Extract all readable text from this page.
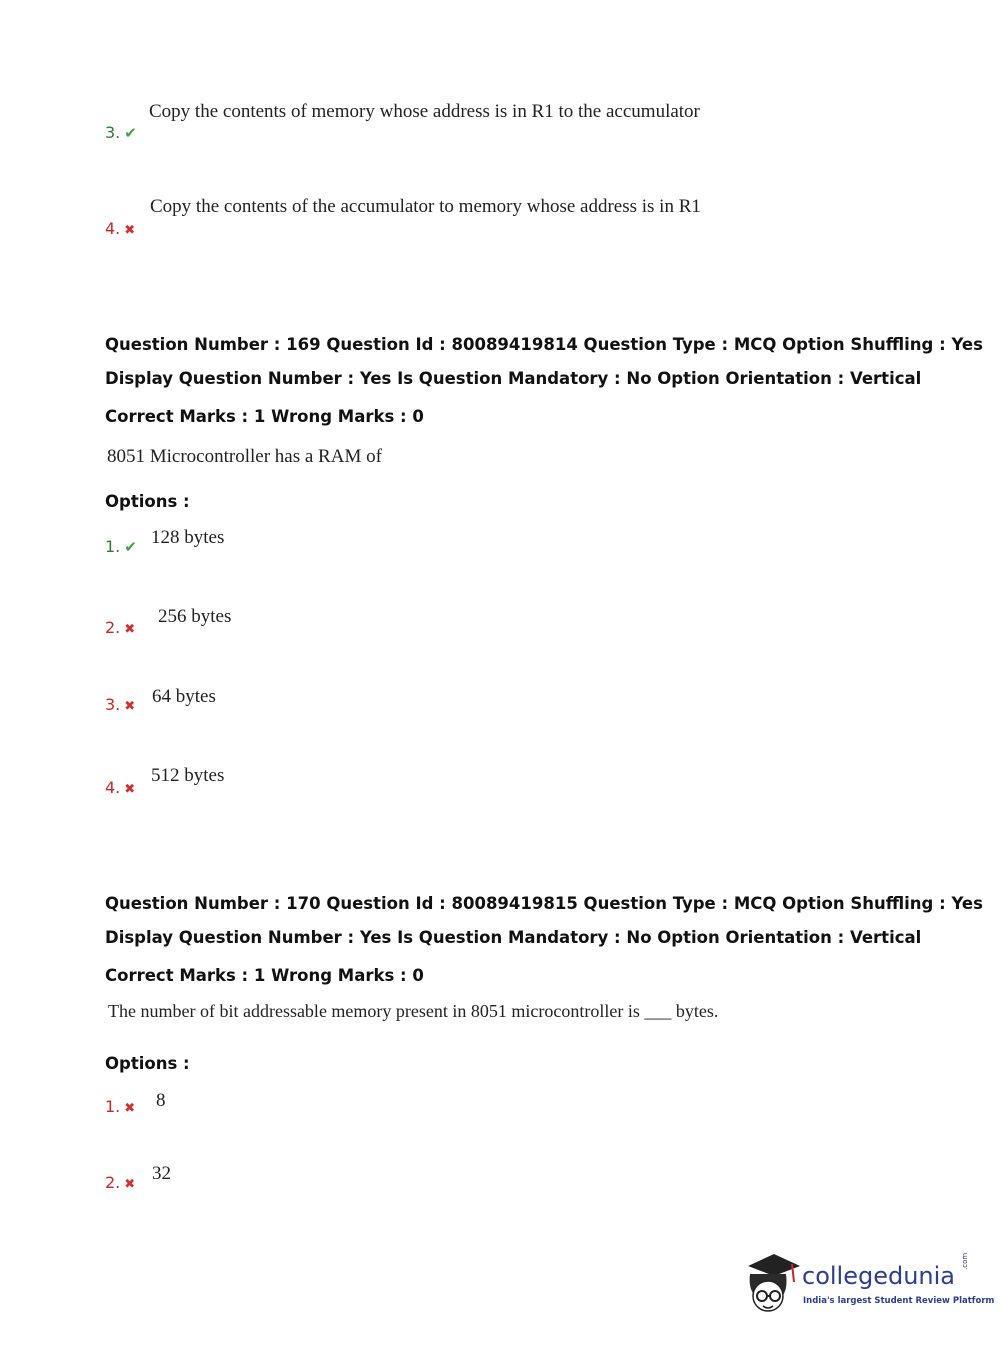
3. ✔
Copy the contents of memory whose address is in R1 to the accumulator
4. ✖
Copy the contents of the accumulator to memory whose address is in R1
Question Number : 169 Question Id : 80089419814 Question Type : MCQ Option Shuffling : Yes
Display Question Number : Yes Is Question Mandatory : No Option Orientation : Vertical
Correct Marks : 1 Wrong Marks : 0
8051 Microcontroller has a RAM of
Options :
1. ✔ 128 bytes
2. ✖
256 bytes
3. ✖ 64 bytes
4. ✖
512 bytes
Question Number : 170 Question Id : 80089419815 Question Type : MCQ Option Shuffling : Yes
Display Question Number : Yes Is Question Mandatory : No Option Orientation : Vertical
Correct Marks : 1 Wrong Marks : 0
The number of bit addressable memory present in 8051 microcontroller is ___ bytes.
Options :
1. ✖ 8
2. ✖
32
collegedunia
.com
India's largest Student Review Platform
